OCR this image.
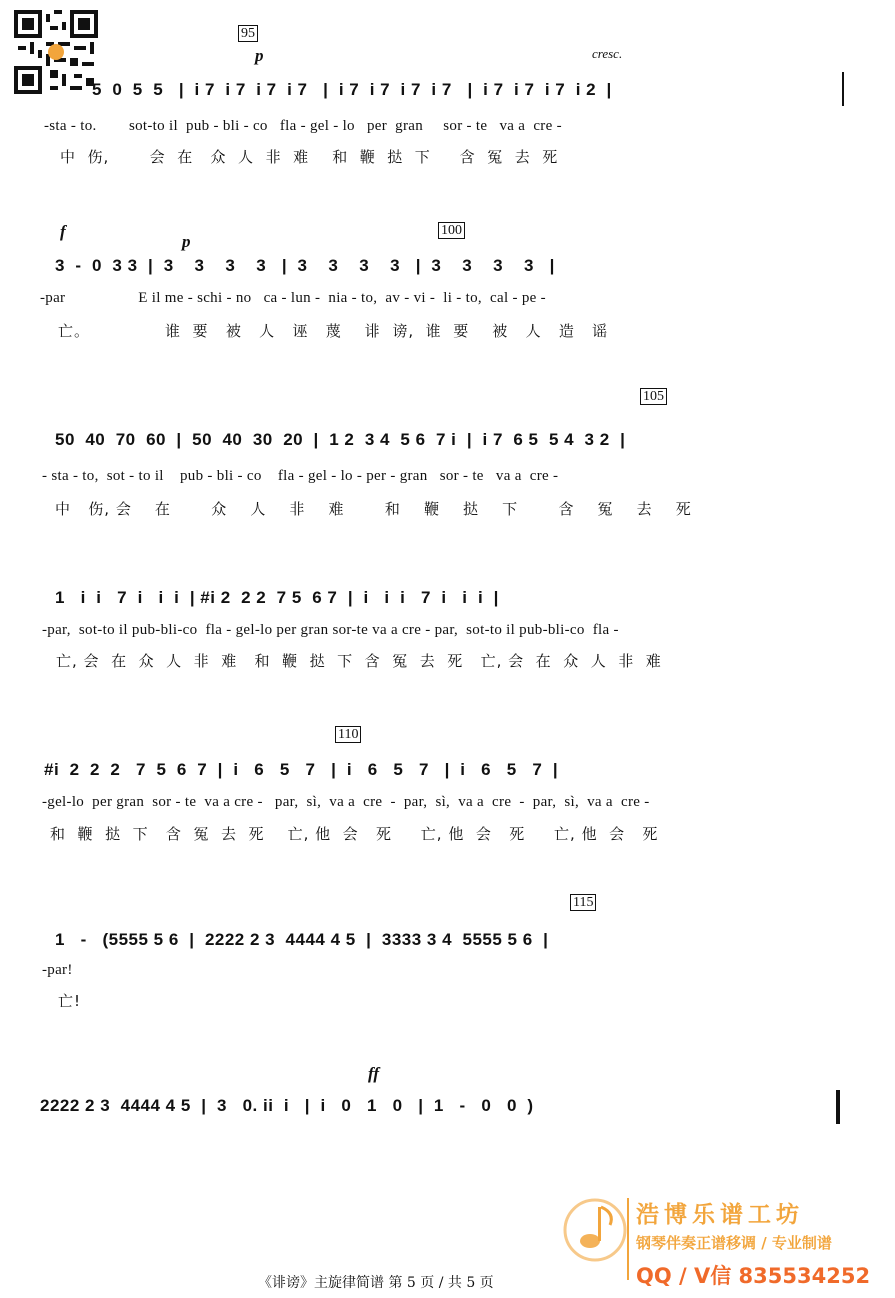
95
p	cresc.
5  0  5  5   |  i 7  i 7  i 7  i 7   |  i 7  i 7  i 7  i 7   |  i 7  i 7  i 7  i 2  |
-sta - to.        sot-to il  pub - bli - co   fla - gel - lo   per  gran     sor - te   va a  cre -
中  伤,       会  在   众  人  非  难    和  鞭  挞  下     含  冤  去  死
100
f
p
3  -  0  3 3  |  3    3    3    3   |  3    3    3    3   |  3    3    3    3   |
-par                  E il me - schi - no   ca - lun -  nia - to,  av - vi -  li - to,  cal - pe -
亡。             谁  要   被   人   诬   蔑    诽  谤,  谁  要    被   人   造   谣
105
50  40  70  60  |  50  40  30  20  |  1 2  3 4  5 6  7 i  |  i 7  6 5  5 4  3 2  |
- sta - to,  sot - to il    pub - bli - co    fla - gel - lo - per - gran   sor - te   va a  cre -
中   伤, 会    在       众    人    非    难       和    鞭    挞    下       含    冤    去    死
1   i  i   7  i   i  i  | #i 2  2 2  7 5  6 7  |  i   i  i   7  i   i  i  |
-par,  sot-to il pub-bli-co  fla - gel-lo per gran sor-te va a cre - par,  sot-to il pub-bli-co  fla -
亡, 会  在  众  人  非  难   和  鞭  挞  下  含  冤  去  死   亡, 会  在  众  人  非  难
110
#i  2  2  2   7  5  6  7  |  i   6   5   7   |  i   6   5   7   |  i   6   5   7  |
-gel-lo  per gran  sor - te  va a cre -   par,  sì,  va a  cre  -  par,  sì,  va a  cre  -  par,  sì,  va a  cre -
和  鞭  挞  下   含  冤  去  死    亡, 他  会   死     亡, 他  会   死     亡, 他  会   死
115
1   -   (5555 5 6  |  2222 2 3  4444 4 5  |  3333 3 4  5555 5 6  |
-par!
亡!
ff
2222 2 3  4444 4 5  |  3   0. ii  i   |  i   0   1   0   |  1   -   0   0  )
浩博乐谱工坊
钢琴伴奏正谱移调 / 专业制谱
QQ / V信 835534252
《诽谤》主旋律简谱 第 5 页 / 共 5 页
